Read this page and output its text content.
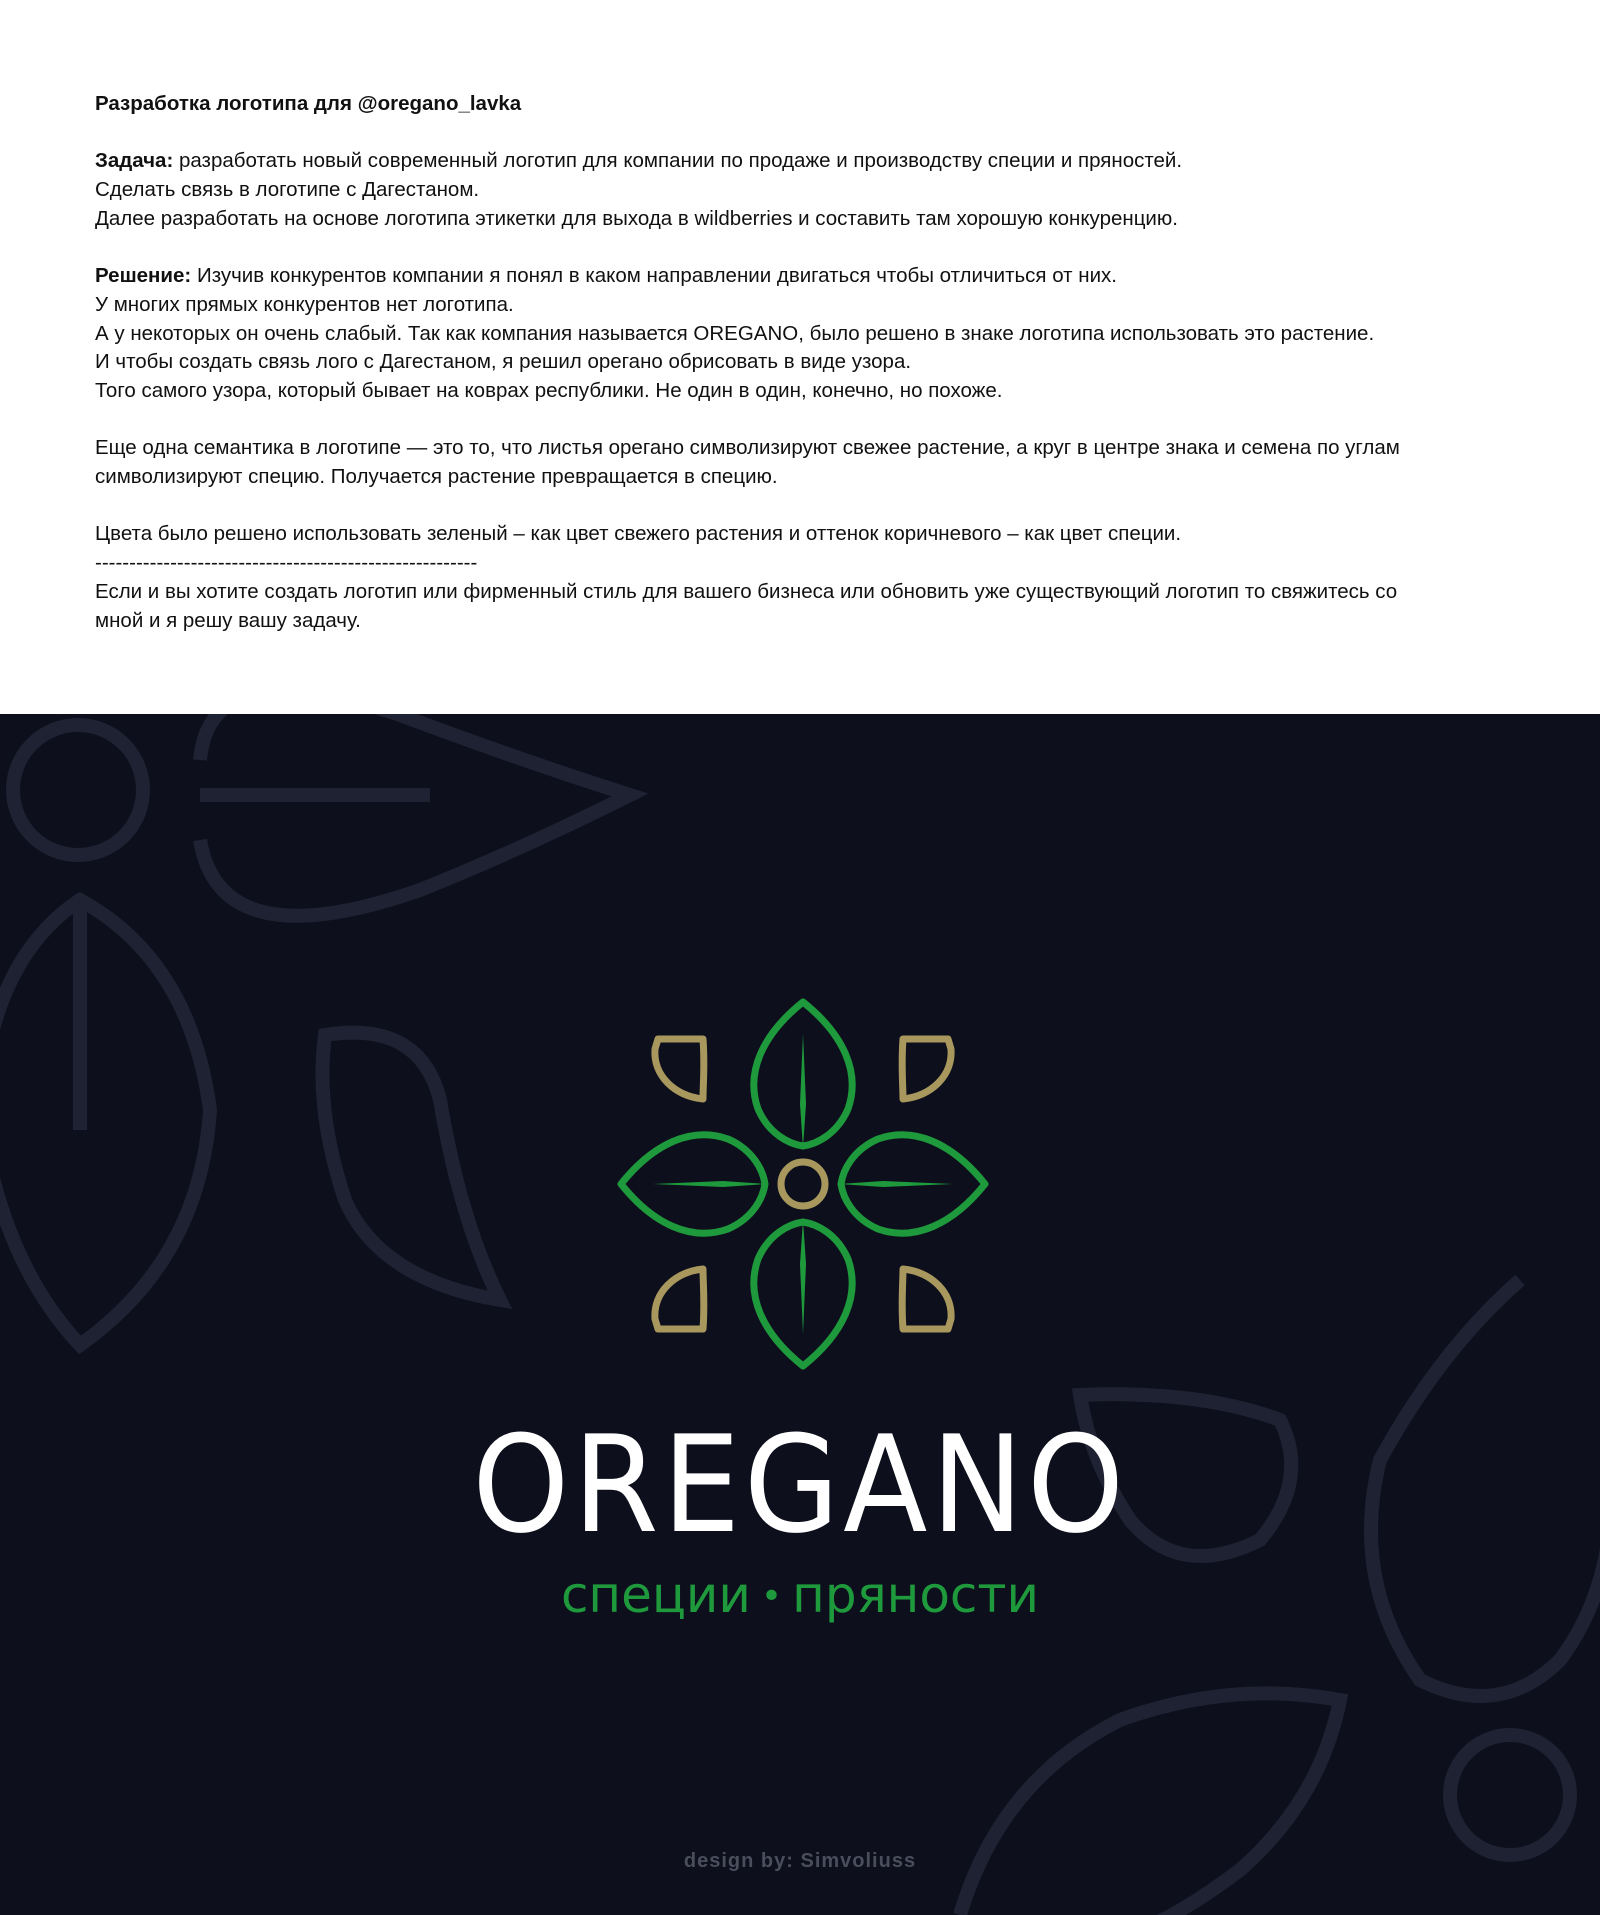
Разработка логотипа для @oregano_lavka

Задача: разработать новый современный логотип для компании по продаже и производству специи и пряностей.

Сделать связь в логотипе с Дагестаном.

Далее разработать на основе логотипа этикетки для выхода в wildberries и составить там хорошую конкуренцию.

Решение: Изучив конкурентов компании я понял в каком направлении двигаться чтобы отличиться от них.

У многих прямых конкурентов нет логотипа.

А у некоторых он очень слабый. Так как компания называется OREGANO, было решено в знаке логотипа использовать это растение.

И чтобы создать связь лого с Дагестаном, я решил орегано обрисовать в виде узора.

Того самого узора, который бывает на коврах республики. Не один в один, конечно, но похоже.

Еще одна семантика в логотипе — это то, что листья орегано символизируют свежее растение, а круг в центре знака и семена по углам

символизируют специю. Получается растение превращается в специю.

Цвета было решено использовать зеленый – как цвет свежего растения и оттенок коричневого – как цвет специи.

--------------------------------------------------------

Если и вы хотите создать логотип или фирменный стиль для вашего бизнеса или обновить уже существующий логотип то свяжитесь со

мной и я решу вашу задачу.

OREGANO
специи • пряности
design by: Simvoliuss
